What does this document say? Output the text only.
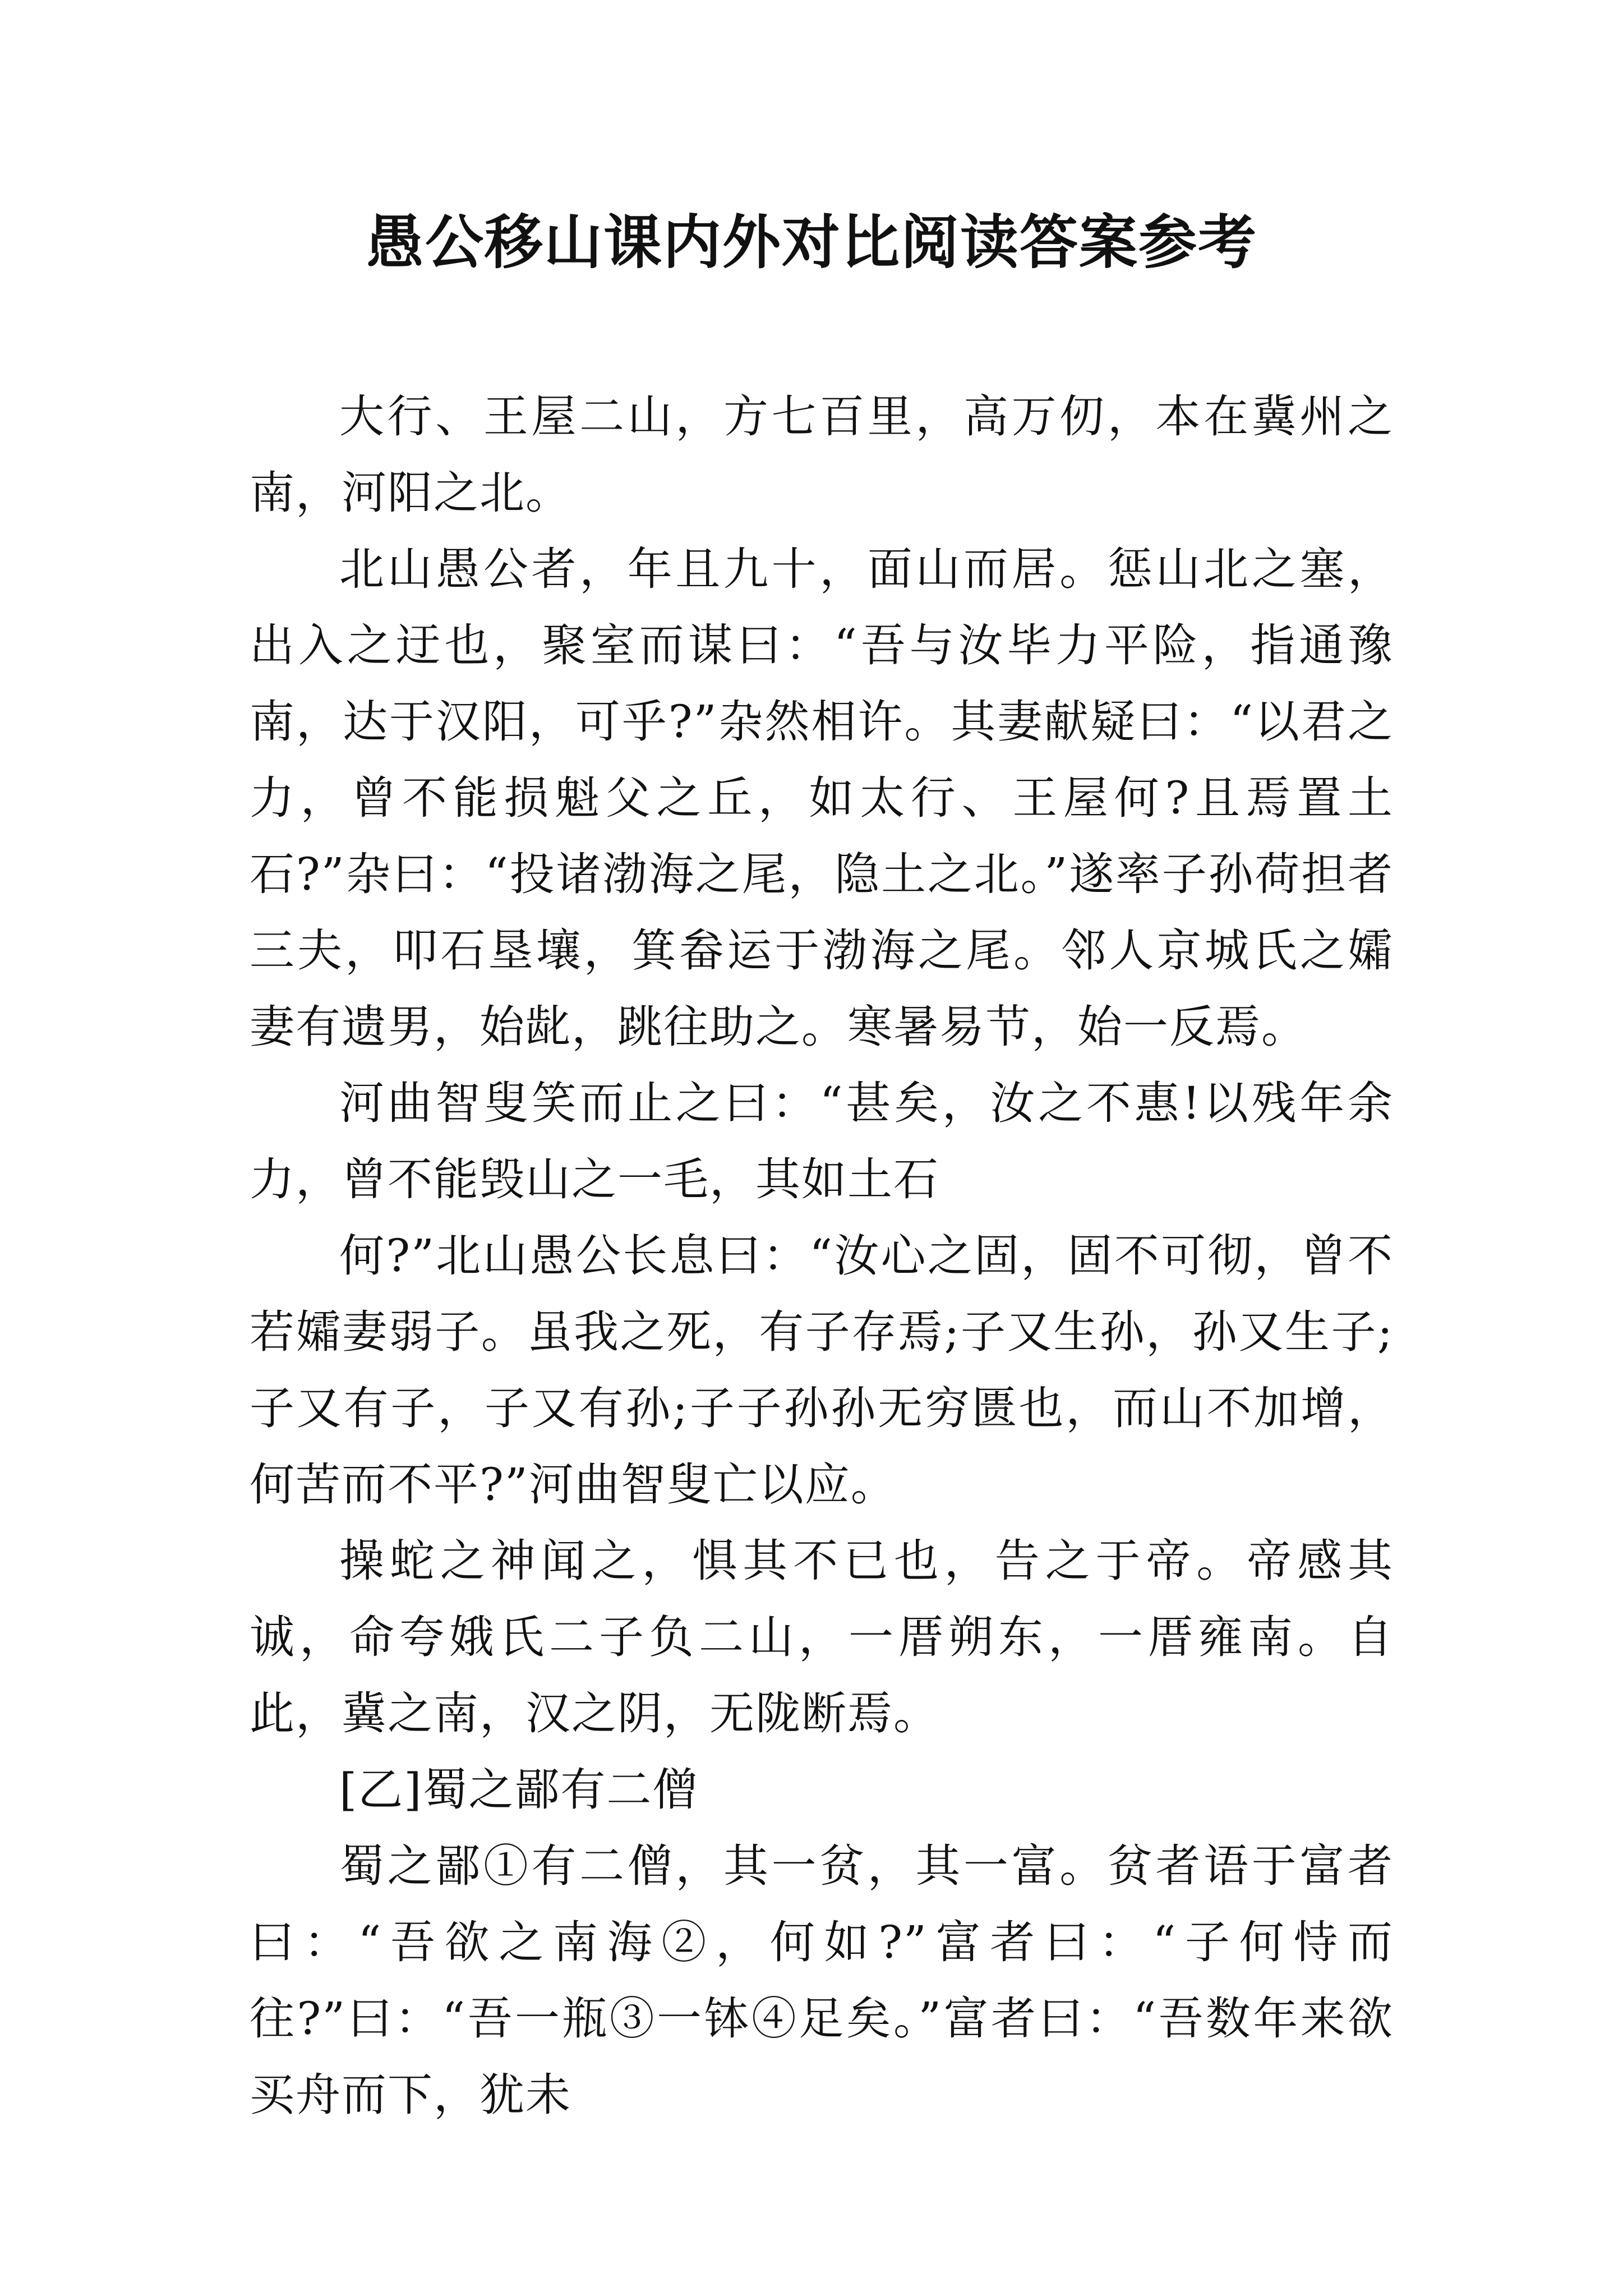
愚公移山课内外对比阅读答案参考

大行、王屋二山，方七百里，高万仞，本在冀州之南，河阳之北。

北山愚公者，年且九十，面山而居。惩山北之塞，出入之迂也，聚室而谋曰：“吾与汝毕力平险，指通豫南，达于汉阳，可乎?”杂然相许。其妻献疑曰：“以君之力，曾不能损魁父之丘，如太行、王屋何?且焉置土石?”杂曰：“投诸渤海之尾，隐土之北。”遂率子孙荷担者三夫，叩石垦壤，箕畚运于渤海之尾。邻人京城氏之孀妻有遗男，始龀，跳往助之。寒暑易节，始一反焉。

河曲智叟笑而止之曰：“甚矣，汝之不惠!以残年余力，曾不能毁山之一毛，其如土石

何?”北山愚公长息曰：“汝心之固，固不可彻，曾不若孀妻弱子。虽我之死，有子存焉;子又生孙，孙又生子;子又有子，子又有孙;子子孙孙无穷匮也，而山不加增，何苦而不平?”河曲智叟亡以应。

操蛇之神闻之，惧其不已也，告之于帝。帝感其诚，命夸娥氏二子负二山，一厝朔东，一厝雍南。自此，冀之南，汉之阴，无陇断焉。

[乙]蜀之鄙有二僧

蜀之鄙①有二僧，其一贫，其一富。贫者语于富者曰：“吾欲之南海②，何如?”富者曰：“子何恃而往?”曰：“吾一瓶③一钵④足矣。”富者曰：“吾数年来欲买舟而下，犹未
